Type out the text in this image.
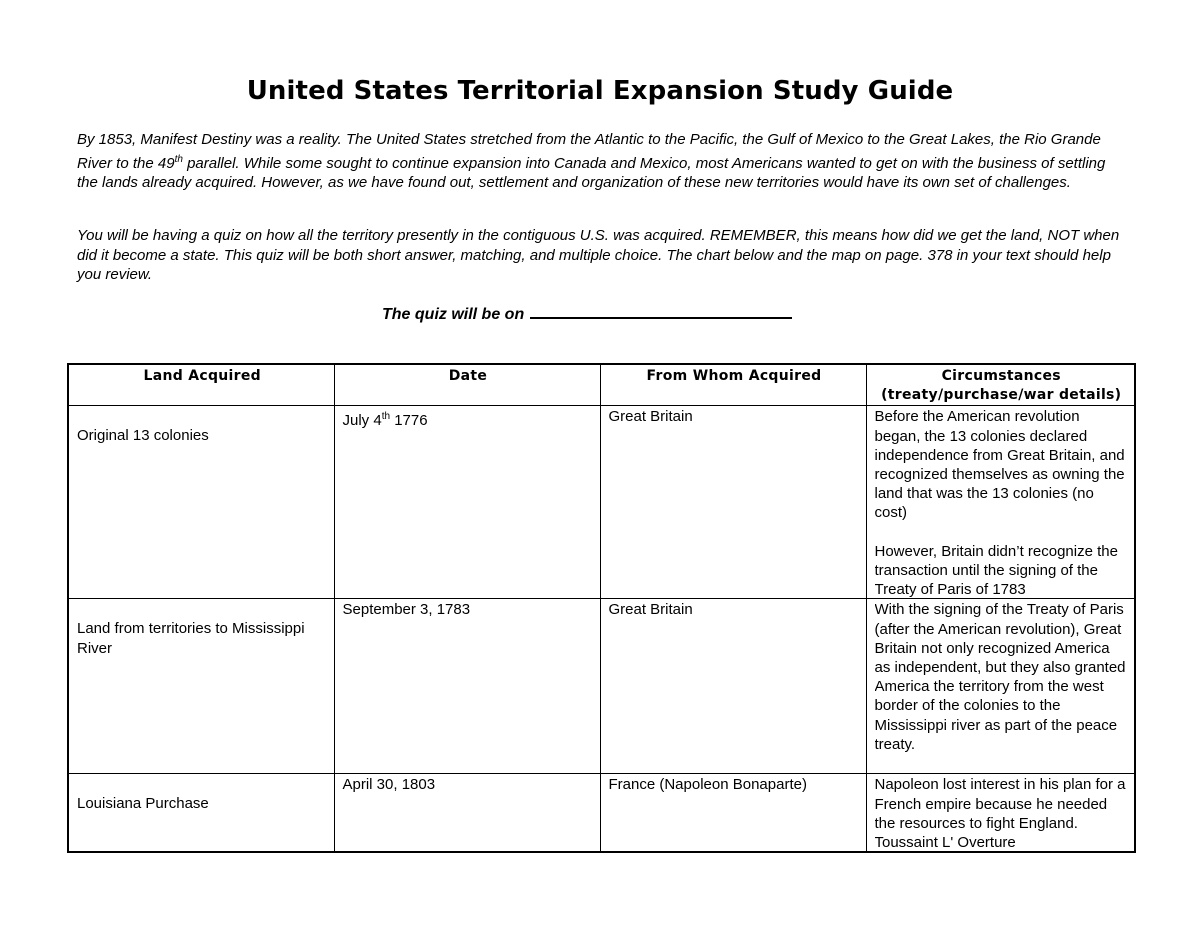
United States Territorial Expansion Study Guide

By 1853, Manifest Destiny was a reality. The United States stretched from the Atlantic to the Pacific, the Gulf of Mexico to the Great Lakes, the Rio Grande River to the 49th parallel. While some sought to continue expansion into Canada and Mexico, most Americans wanted to get on with the business of settling the lands already acquired. However, as we have found out, settlement and organization of these new territories would have its own set of challenges.

You will be having a quiz on how all the territory presently in the contiguous U.S. was acquired. REMEMBER, this means how did we get the land, NOT when did it become a state. This quiz will be both short answer, matching, and multiple choice. The chart below and the map on page. 378 in your text should help you review.

The quiz will be on
Land Acquired	Date	From Whom Acquired	Circumstances
(treaty/purchase/war details)

Original 13 colonies	July 4th 1776	Great Britain	Before the American revolution began, the 13 colonies declared independence from Great Britain, and recognized themselves as owning the land that was the 13 colonies (no cost)
However, Britain didn’t recognize the transaction until the signing of the Treaty of Paris of 1783

Land from territories to Mississippi River	September 3, 1783	Great Britain	With the signing of the Treaty of Paris (after the American revolution), Great Britain not only recognized America as independent, but they also granted America the territory from the west border of the colonies to the Mississippi river as part of the peace treaty.

Louisiana Purchase	April 30, 1803	France (Napoleon Bonaparte)	Napoleon lost interest in his plan for a French empire because he needed the resources to fight England. Toussaint L' Overture
